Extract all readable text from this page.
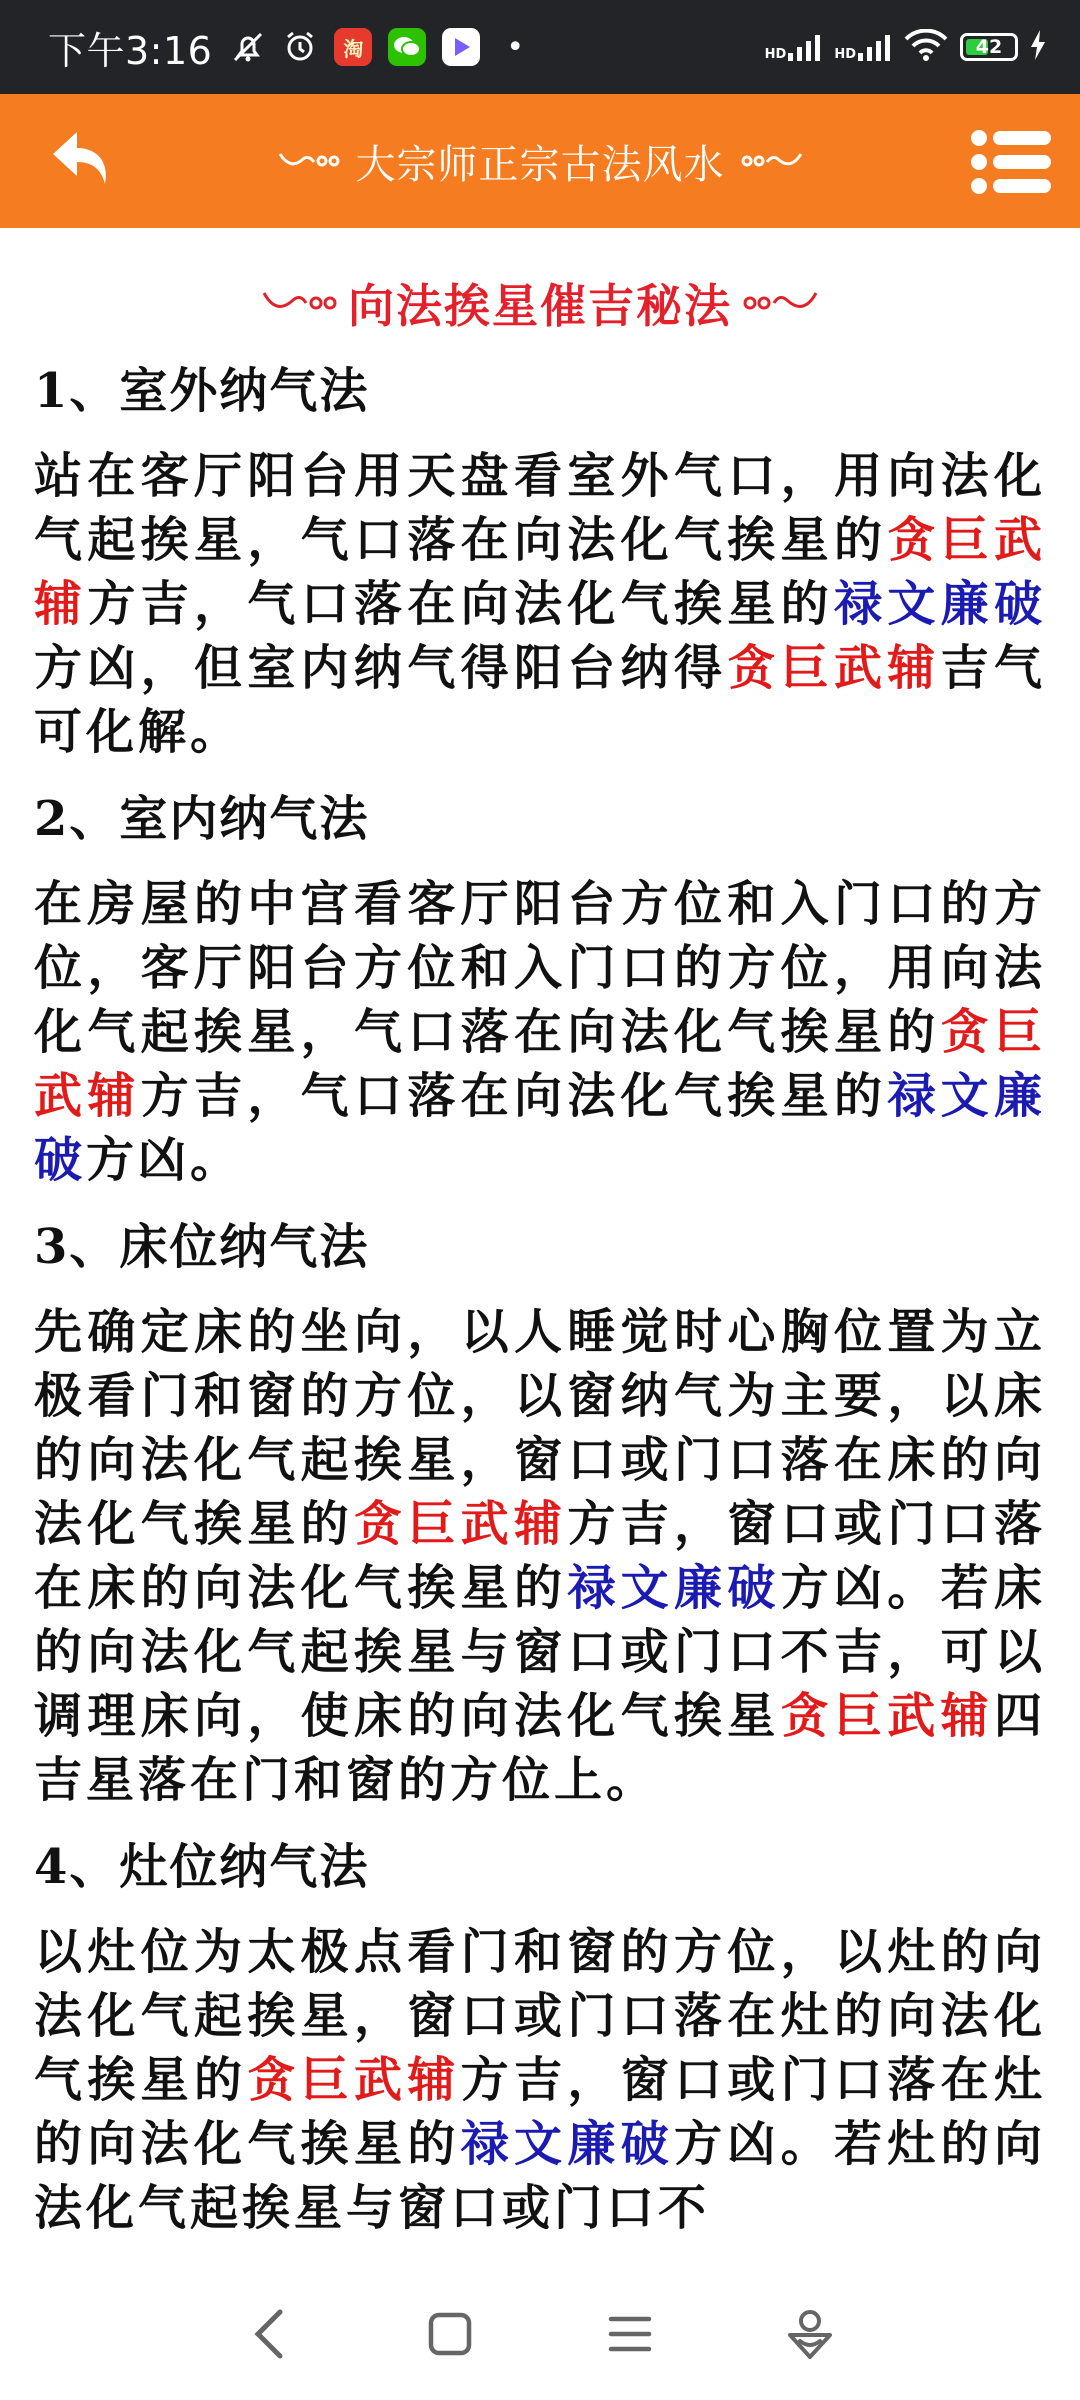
下午3:16	淘	•	HD	HD	42
大宗师正宗古法风水
向法挨星催吉秘法
1、室外纳气法
站在客厅阳台用天盘看室外气口，用向法化气起挨星，气口落在向法化气挨星的贪巨武辅方吉，气口落在向法化气挨星的禄文廉破方凶，但室内纳气得阳台纳得贪巨武辅吉气可化解。
2、室内纳气法
在房屋的中宫看客厅阳台方位和入门口的方位，客厅阳台方位和入门口的方位，用向法化气起挨星，气口落在向法化气挨星的贪巨武辅方吉，气口落在向法化气挨星的禄文廉破方凶。
3、床位纳气法
先确定床的坐向，以人睡觉时心胸位置为立极看门和窗的方位，以窗纳气为主要，以床的向法化气起挨星，窗口或门口落在床的向法化气挨星的贪巨武辅方吉，窗口或门口落在床的向法化气挨星的禄文廉破方凶。若床的向法化气起挨星与窗口或门口不吉，可以调理床向，使床的向法化气挨星贪巨武辅四吉星落在门和窗的方位上。
4、灶位纳气法
以灶位为太极点看门和窗的方位，以灶的向法化气起挨星，窗口或门口落在灶的向法化气挨星的贪巨武辅方吉，窗口或门口落在灶的向法化气挨星的禄文廉破方凶。若灶的向法化气起挨星与窗口或门口不
